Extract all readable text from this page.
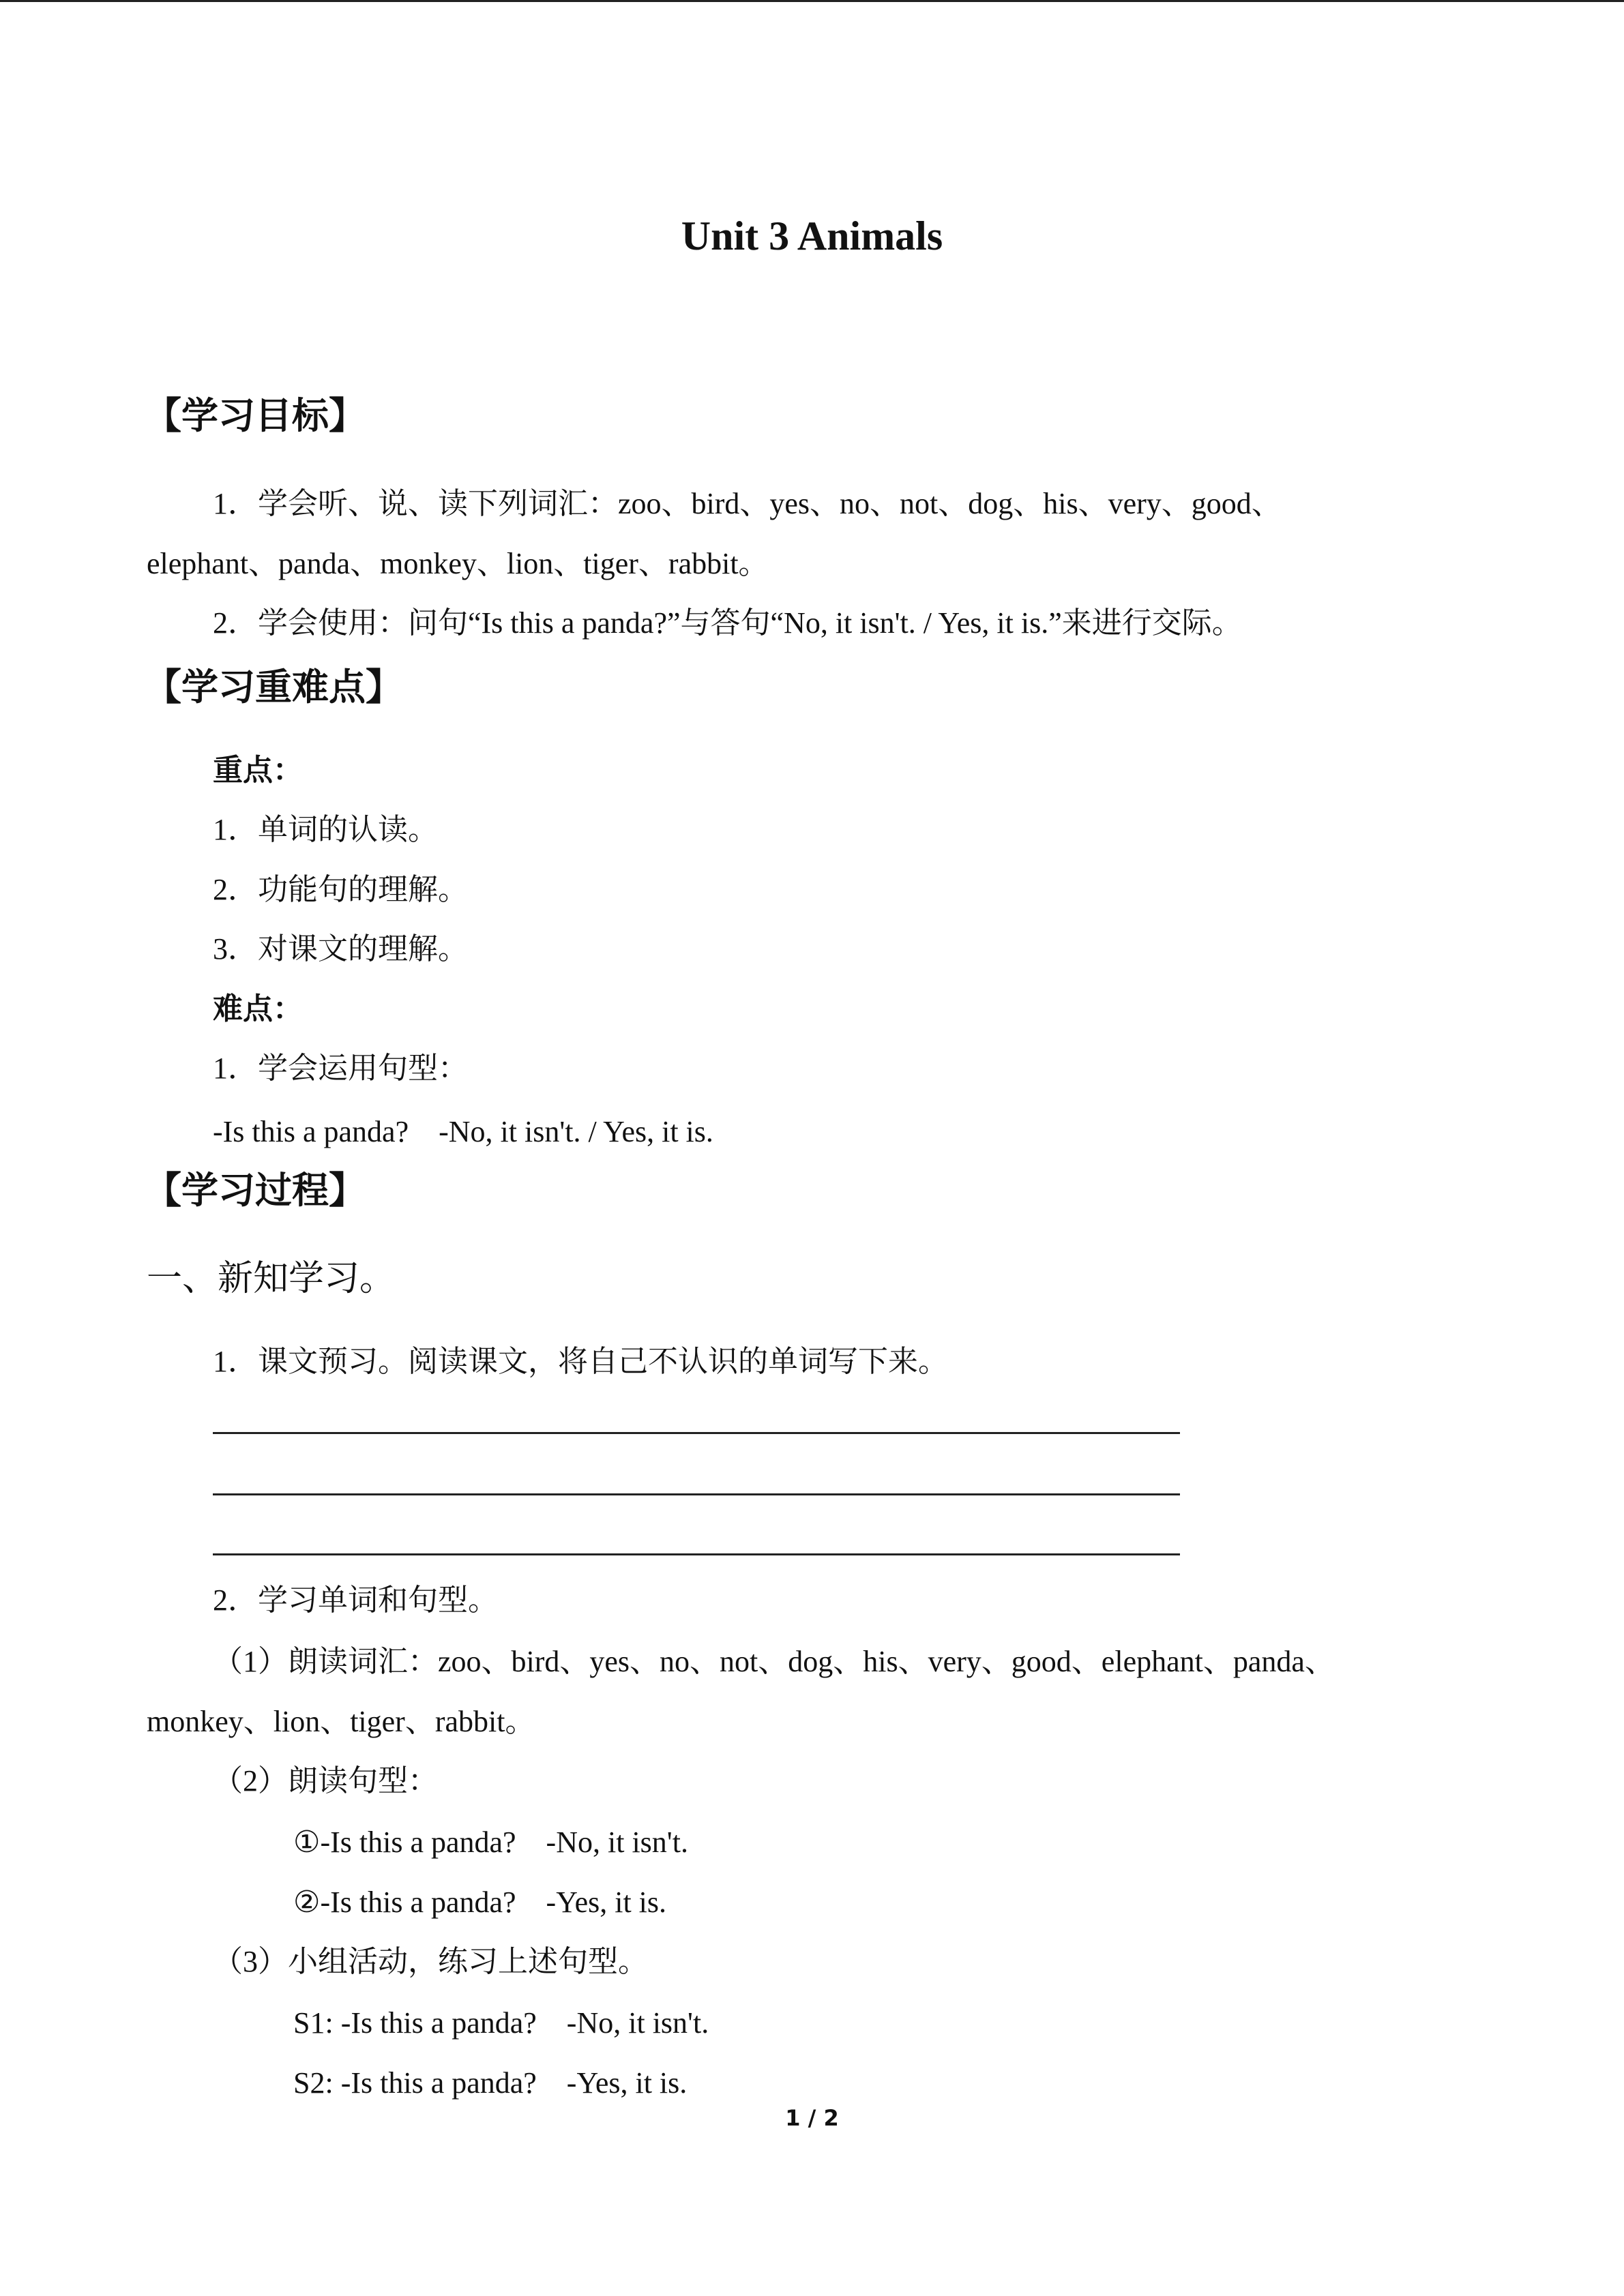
Unit 3 Animals
【学习目标】
1．学会听、说、读下列词汇：zoo、bird、yes、no、not、dog、his、very、good、
elephant、panda、monkey、lion、tiger、rabbit。
2．学会使用：问句“Is this a panda?”与答句“No, it isn't. / Yes, it is.”来进行交际。
【学习重难点】
重点：
1．单词的认读。
2．功能句的理解。
3．对课文的理解。
难点：
1．学会运用句型：
-Is this a panda?　-No, it isn't. / Yes, it is.
【学习过程】
一、新知学习。
1．课文预习。阅读课文，将自己不认识的单词写下来。
2．学习单词和句型。
（1）朗读词汇：zoo、bird、yes、no、not、dog、his、very、good、elephant、panda、
monkey、lion、tiger、rabbit。
（2）朗读句型：
①-Is this a panda?　-No, it isn't.
②-Is this a panda?　-Yes, it is.
（3）小组活动，练习上述句型。
S1: -Is this a panda?　-No, it isn't.
S2: -Is this a panda?　-Yes, it is.
1 / 2
